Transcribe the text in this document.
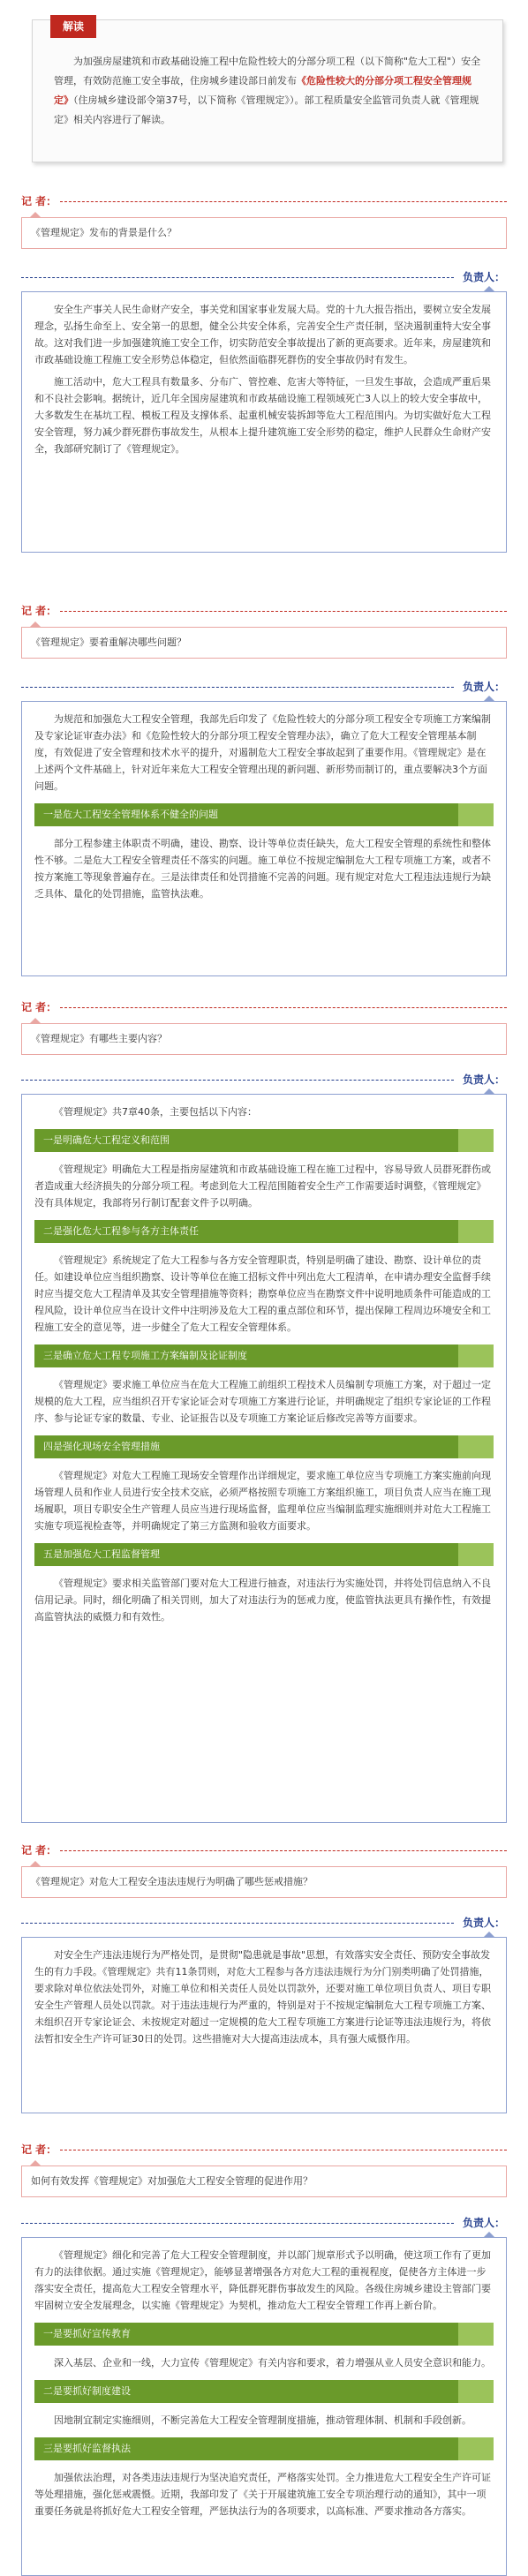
解读
为加强房屋建筑和市政基础设施工程中危险性较大的分部分项工程（以下简称"危大工程"）安全管理，有效防范施工安全事故，住房城乡建设部日前发布《危险性较大的分部分项工程安全管理规定》（住房城乡建设部令第37号，以下简称《管理规定》）。部工程质量安全监管司负责人就《管理规定》相关内容进行了解读。
记 者：
《管理规定》发布的背景是什么？
负责人：
安全生产事关人民生命财产安全，事关党和国家事业发展大局。党的十九大报告指出，要树立安全发展理念，弘扬生命至上、安全第一的思想，健全公共安全体系，完善安全生产责任制，坚决遏制重特大安全事故。这对我们进一步加强建筑施工安全工作，切实防范安全事故提出了新的更高要求。近年来，房屋建筑和市政基础设施工程施工安全形势总体稳定，但依然面临群死群伤的安全事故仍时有发生。
施工活动中，危大工程具有数量多、分布广、管控难、危害大等特征，一旦发生事故，会造成严重后果和不良社会影响。据统计，近几年全国房屋建筑和市政基础设施工程领域死亡3人以上的较大安全事故中，大多数发生在基坑工程、模板工程及支撑体系、起重机械安装拆卸等危大工程范围内。为切实做好危大工程安全管理，努力减少群死群伤事故发生，从根本上提升建筑施工安全形势的稳定，维护人民群众生命财产安全，我部研究制订了《管理规定》。
记 者：
《管理规定》要着重解决哪些问题？
负责人：
为规范和加强危大工程安全管理，我部先后印发了《危险性较大的分部分项工程安全专项施工方案编制及专家论证审查办法》和《危险性较大的分部分项工程安全管理办法》，确立了危大工程安全管理基本制度，有效促进了安全管理和技术水平的提升，对遏制危大工程安全事故起到了重要作用。《管理规定》是在上述两个文件基础上，针对近年来危大工程安全管理出现的新问题、新形势而制订的，重点要解决3个方面问题。
一是危大工程安全管理体系不健全的问题
部分工程参建主体职责不明确，建设、勘察、设计等单位责任缺失，危大工程安全管理的系统性和整体性不够。二是危大工程安全管理责任不落实的问题。施工单位不按规定编制危大工程专项施工方案，或者不按方案施工等现象普遍存在。三是法律责任和处罚措施不完善的问题。现有规定对危大工程违法违规行为缺乏具体、量化的处罚措施，监管执法难。
记 者：
《管理规定》有哪些主要内容？
负责人：
《管理规定》共7章40条，主要包括以下内容：
一是明确危大工程定义和范围
《管理规定》明确危大工程是指房屋建筑和市政基础设施工程在施工过程中，容易导致人员群死群伤或者造成重大经济损失的分部分项工程。考虑到危大工程范围随着安全生产工作需要适时调整，《管理规定》没有具体规定，我部将另行制订配套文件予以明确。
二是强化危大工程参与各方主体责任
《管理规定》系统规定了危大工程参与各方安全管理职责，特别是明确了建设、勘察、设计单位的责任。如建设单位应当组织勘察、设计等单位在施工招标文件中列出危大工程清单，在申请办理安全监督手续时应当提交危大工程清单及其安全管理措施等资料；勘察单位应当在勘察文件中说明地质条件可能造成的工程风险，设计单位应当在设计文件中注明涉及危大工程的重点部位和环节，提出保障工程周边环境安全和工程施工安全的意见等，进一步健全了危大工程安全管理体系。
三是确立危大工程专项施工方案编制及论证制度
《管理规定》要求施工单位应当在危大工程施工前组织工程技术人员编制专项施工方案，对于超过一定规模的危大工程，应当组织召开专家论证会对专项施工方案进行论证，并明确规定了组织专家论证的工作程序、参与论证专家的数量、专业、论证报告以及专项施工方案论证后修改完善等方面要求。
四是强化现场安全管理措施
《管理规定》对危大工程施工现场安全管理作出详细规定，要求施工单位应当专项施工方案实施前向现场管理人员和作业人员进行安全技术交底，必须严格按照专项施工方案组织施工，项目负责人应当在施工现场履职，项目专职安全生产管理人员应当进行现场监督，监理单位应当编制监理实施细则并对危大工程施工实施专项巡视检查等，并明确规定了第三方监测和验收方面要求。
五是加强危大工程监督管理
《管理规定》要求相关监管部门要对危大工程进行抽查，对违法行为实施处罚，并将处罚信息纳入不良信用记录。同时，细化明确了相关罚则，加大了对违法行为的惩戒力度，使监管执法更具有操作性，有效提高监管执法的威慑力和有效性。
记 者：
《管理规定》对危大工程安全违法违规行为明确了哪些惩戒措施？
负责人：
对安全生产违法违规行为严格处罚，是贯彻"隐患就是事故"思想，有效落实安全责任、预防安全事故发生的有力手段。《管理规定》共有11条罚则，对危大工程参与各方违法违规行为分门别类明确了处罚措施，要求除对单位依法处罚外，对施工单位和相关责任人员处以罚款外，还要对施工单位项目负责人、项目专职安全生产管理人员处以罚款。对于违法违规行为严重的，特别是对于不按规定编制危大工程专项施工方案、未组织召开专家论证会、未按规定对超过一定规模的危大工程专项施工方案进行论证等违法违规行为，将依法暂扣安全生产许可证30日的处罚。这些措施对大大提高违法成本，具有强大威慑作用。
记 者：
如何有效发挥《管理规定》对加强危大工程安全管理的促进作用？
负责人：
《管理规定》细化和完善了危大工程安全管理制度，并以部门规章形式予以明确，使这项工作有了更加有力的法律依据。通过实施《管理规定》，能够显著增强各方对危大工程的重视程度，促使各方主体进一步落实安全责任，提高危大工程安全管理水平，降低群死群伤事故发生的风险。各级住房城乡建设主管部门要牢固树立安全发展理念，以实施《管理规定》为契机，推动危大工程安全管理工作再上新台阶。
一是要抓好宣传教育
深入基层、企业和一线，大力宣传《管理规定》有关内容和要求，着力增强从业人员安全意识和能力。
二是要抓好制度建设
因地制宜制定实施细则，不断完善危大工程安全管理制度措施，推动管理体制、机制和手段创新。
三是要抓好监督执法
加强依法治理，对各类违法违规行为坚决追究责任，严格落实处罚。全力推进危大工程安全生产许可证等处理措施，强化惩戒震慑。近期，我部印发了《关于开展建筑施工安全专项治理行动的通知》，其中一项重要任务就是将抓好危大工程安全管理，严惩执法行为的各项要求，以高标准、严要求推动各方落实。
